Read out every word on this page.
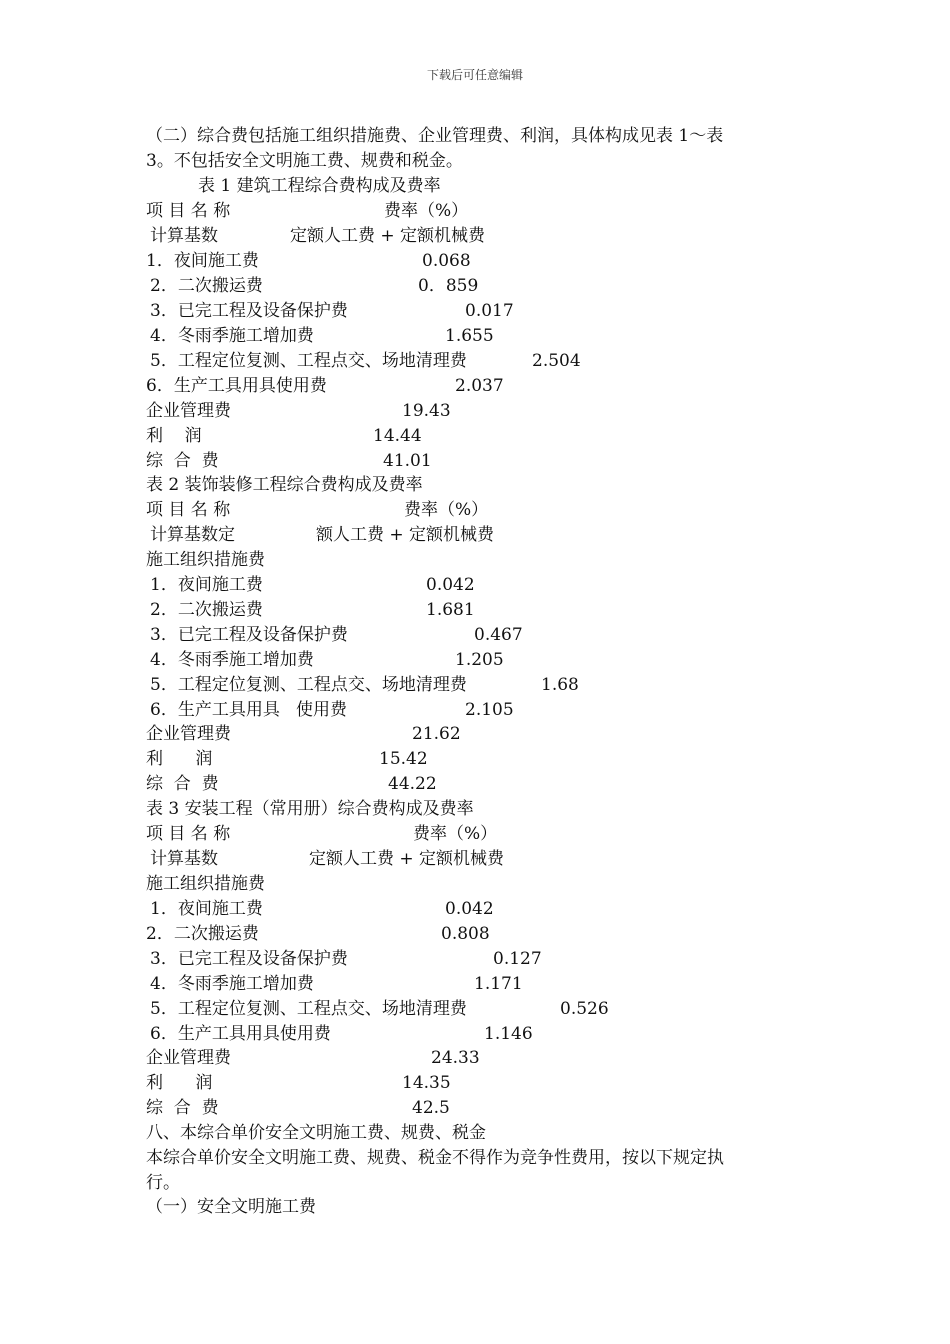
下载后可任意编辑
（二）综合费包括施工组织措施费、企业管理费、利润，具体构成见表 1～表
3。不包括安全文明施工费、规费和税金。
表 1 建筑工程综合费构成及费率
项 目 名 称	费率（%）
计算基数	定额人工费 + 定额机械费
1．夜间施工费	0.068
2．二次搬运费	0．859
3．已完工程及设备保护费	0.017
4．冬雨季施工增加费	1.655
5．工程定位复测、工程点交、场地清理费	2.504
6．生产工具用具使用费	2.037
企业管理费	19.43
利    润	14.44
综  合  费	41.01
表 2 装饰装修工程综合费构成及费率
项 目 名 称	费率（%）
计算基数定	额人工费 + 定额机械费
施工组织措施费
1．夜间施工费	0.042
2．二次搬运费	1.681
3．已完工程及设备保护费	0.467
4．冬雨季施工增加费	1.205
5．工程定位复测、工程点交、场地清理费	1.68
6．生产工具用具   使用费	2.105
企业管理费	21.62
利      润	15.42
综  合  费	44.22
表 3 安装工程（常用册）综合费构成及费率
项 目 名 称	费率（%）
计算基数	定额人工费 + 定额机械费
施工组织措施费
1．夜间施工费	0.042
2．二次搬运费	0.808
3．已完工程及设备保护费	0.127
4．冬雨季施工增加费	1.171
5．工程定位复测、工程点交、场地清理费	0.526
6．生产工具用具使用费	1.146
企业管理费	24.33
利      润	14.35
综  合  费	42.5
八、本综合单价安全文明施工费、规费、税金
本综合单价安全文明施工费、规费、税金不得作为竞争性费用，按以下规定执
行。
（一）安全文明施工费
